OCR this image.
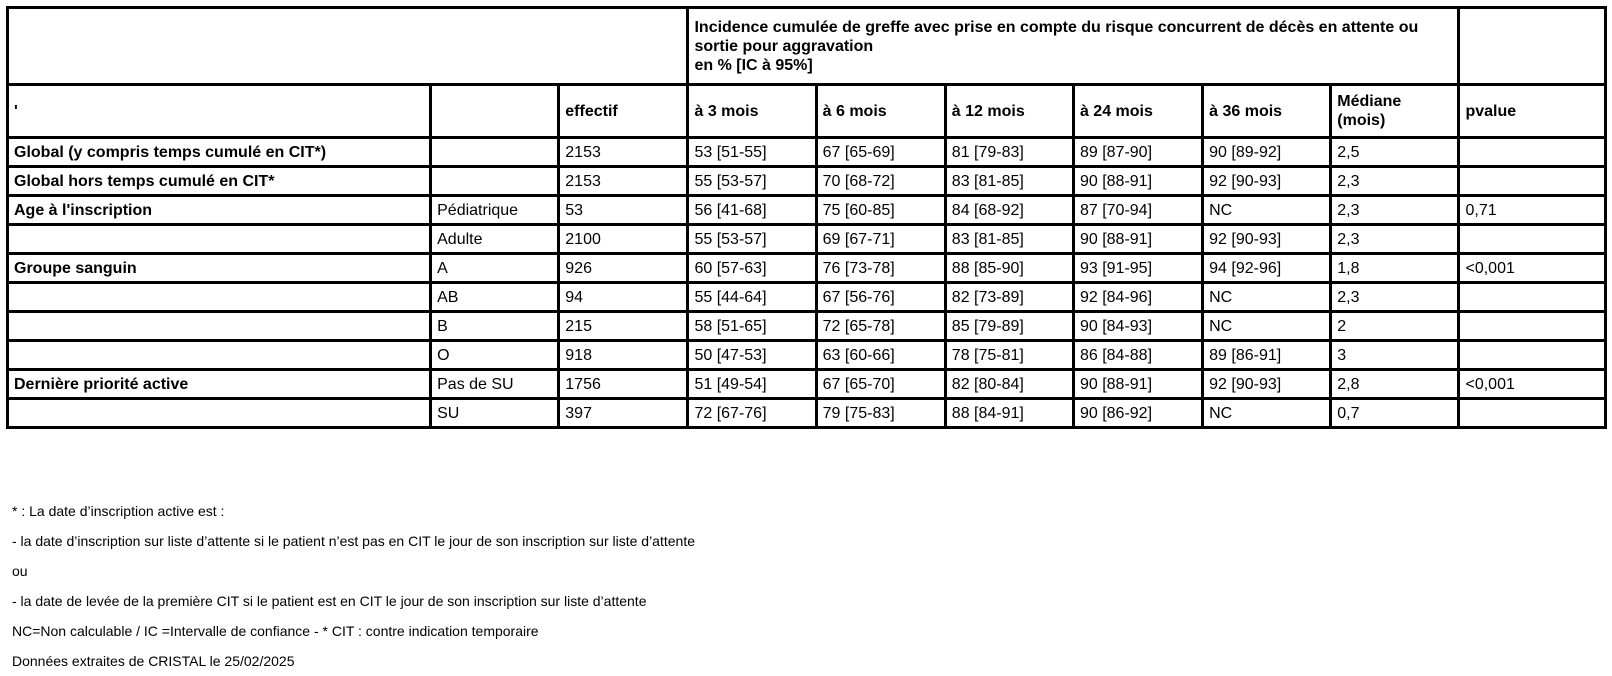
			Incidence cumulée de greffe avec prise en compte du risque concurrent de décès en attente ou sortie pour aggravation
en % [IC à 95%]						

'		effectif	à 3 mois	à 6 mois	à 12 mois	à 24 mois	à 36 mois	Médiane (mois)	pvalue
Global (y compris temps cumulé en CIT*)		2153	53 [51-55]	67 [65-69]	81 [79-83]	89 [87-90]	90 [89-92]	2,5	
Global hors temps cumulé en CIT*		2153	55 [53-57]	70 [68-72]	83 [81-85]	90 [88-91]	92 [90-93]	2,3	
Age à l'inscription	Pédiatrique	53	56 [41-68]	75 [60-85]	84 [68-92]	87 [70-94]	NC	2,3	0,71
	Adulte	2100	55 [53-57]	69 [67-71]	83 [81-85]	90 [88-91]	92 [90-93]	2,3	
Groupe sanguin	A	926	60 [57-63]	76 [73-78]	88 [85-90]	93 [91-95]	94 [92-96]	1,8	<0,001
	AB	94	55 [44-64]	67 [56-76]	82 [73-89]	92 [84-96]	NC	2,3	
	B	215	58 [51-65]	72 [65-78]	85 [79-89]	90 [84-93]	NC	2	
	O	918	50 [47-53]	63 [60-66]	78 [75-81]	86 [84-88]	89 [86-91]	3	
Dernière priorité active	Pas de SU	1756	51 [49-54]	67 [65-70]	82 [80-84]	90 [88-91]	92 [90-93]	2,8	<0,001
	SU	397	72 [67-76]	79 [75-83]	88 [84-91]	90 [86-92]	NC	0,7	
* : La date d’inscription active est :
- la date d’inscription sur liste d’attente si le patient n’est pas en CIT le jour de son inscription sur liste d’attente
ou
- la date de levée de la première CIT si le patient est en CIT le jour de son inscription sur liste d’attente
NC=Non calculable / IC =Intervalle de confiance - * CIT : contre indication temporaire
Données extraites de CRISTAL le 25/02/2025
